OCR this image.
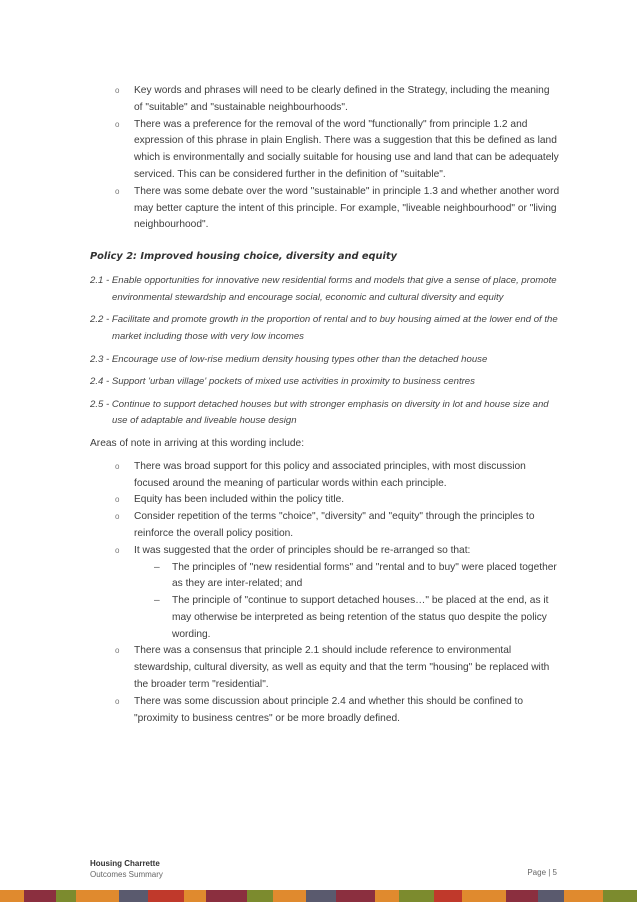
o Key words and phrases will need to be clearly defined in the Strategy, including the meaning of "suitable" and "sustainable neighbourhoods".
o There was a preference for the removal of the word "functionally" from principle 1.2 and expression of this phrase in plain English. There was a suggestion that this be defined as land which is environmentally and socially suitable for housing use and land that can be adequately serviced. This can be considered further in the definition of "suitable".
o There was some debate over the word "sustainable" in principle 1.3 and whether another word may better capture the intent of this principle. For example, "liveable neighbourhood" or "living neighbourhood".
Policy 2: Improved housing choice, diversity and equity
2.1 - Enable opportunities for innovative new residential forms and models that give a sense of place, promote environmental stewardship and encourage social, economic and cultural diversity and equity
2.2 - Facilitate and promote growth in the proportion of rental and to buy housing aimed at the lower end of the market including those with very low incomes
2.3 - Encourage use of low-rise medium density housing types other than the detached house
2.4 - Support 'urban village' pockets of mixed use activities in proximity to business centres
2.5 - Continue to support detached houses but with stronger emphasis on diversity in lot and house size and use of adaptable and liveable house design
Areas of note in arriving at this wording include:
o There was broad support for this policy and associated principles, with most discussion focused around the meaning of particular words within each principle.
o Equity has been included within the policy title.
o Consider repetition of the terms "choice", "diversity" and "equity" through the principles to reinforce the overall policy position.
o It was suggested that the order of principles should be re-arranged so that:
– The principles of "new residential forms" and "rental and to buy" were placed together as they are inter-related; and
– The principle of "continue to support detached houses…" be placed at the end, as it may otherwise be interpreted as being retention of the status quo despite the policy wording.
o There was a consensus that principle 2.1 should include reference to environmental stewardship, cultural diversity, as well as equity and that the term "housing" be replaced with the broader term "residential".
o There was some discussion about principle 2.4 and whether this should be confined to "proximity to business centres" or be more broadly defined.
Housing Charrette
Outcomes Summary	Page | 5
